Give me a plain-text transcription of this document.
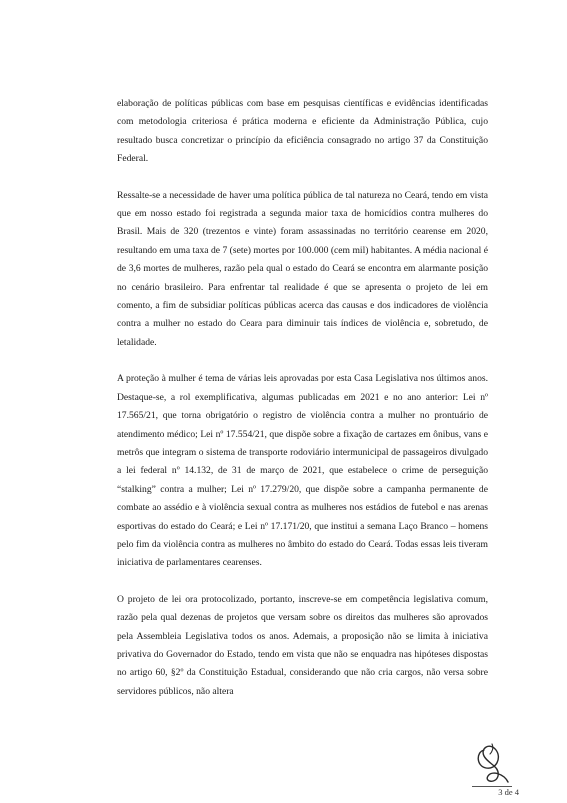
elaboração de políticas públicas com base em pesquisas científicas e evidências identificadas com metodologia criteriosa é prática moderna e eficiente da Administração Pública, cujo resultado busca concretizar o princípio da eficiência consagrado no artigo 37 da Constituição Federal.

Ressalte-se a necessidade de haver uma política pública de tal natureza no Ceará, tendo em vista que em nosso estado foi registrada a segunda maior taxa de homicídios contra mulheres do Brasil. Mais de 320 (trezentos e vinte) foram assassinadas no território cearense em 2020, resultando em uma taxa de 7 (sete) mortes por 100.000 (cem mil) habitantes. A média nacional é de 3,6 mortes de mulheres, razão pela qual o estado do Ceará se encontra em alarmante posição no cenário brasileiro. Para enfrentar tal realidade é que se apresenta o projeto de lei em comento, a fim de subsidiar políticas públicas acerca das causas e dos indicadores de violência contra a mulher no estado do Ceara para diminuir tais índices de violência e, sobretudo, de letalidade.

A proteção à mulher é tema de várias leis aprovadas por esta Casa Legislativa nos últimos anos. Destaque-se, a rol exemplificativa, algumas publicadas em 2021 e no ano anterior: Lei nº 17.565/21, que torna obrigatório o registro de violência contra a mulher no prontuário de atendimento médico; Lei nº 17.554/21, que dispõe sobre a fixação de cartazes em ônibus, vans e metrôs que integram o sistema de transporte rodoviário intermunicipal de passageiros divulgado a lei federal nº 14.132, de 31 de março de 2021, que estabelece o crime de perseguição “stalking” contra a mulher; Lei nº 17.279/20, que dispõe sobre a campanha permanente de combate ao assédio e à violência sexual contra as mulheres nos estádios de futebol e nas arenas esportivas do estado do Ceará; e Lei nº 17.171/20, que institui a semana Laço Branco – homens pelo fim da violência contra as mulheres no âmbito do estado do Ceará. Todas essas leis tiveram iniciativa de parlamentares cearenses.

O projeto de lei ora protocolizado, portanto, inscreve-se em competência legislativa comum, razão pela qual dezenas de projetos que versam sobre os direitos das mulheres são aprovados pela Assembleia Legislativa todos os anos. Ademais, a proposição não se limita à iniciativa privativa do Governador do Estado, tendo em vista que não se enquadra nas hipóteses dispostas no artigo 60, §2º da Constituição Estadual, considerando que não cria cargos, não versa sobre servidores públicos, não altera

3 de 4
